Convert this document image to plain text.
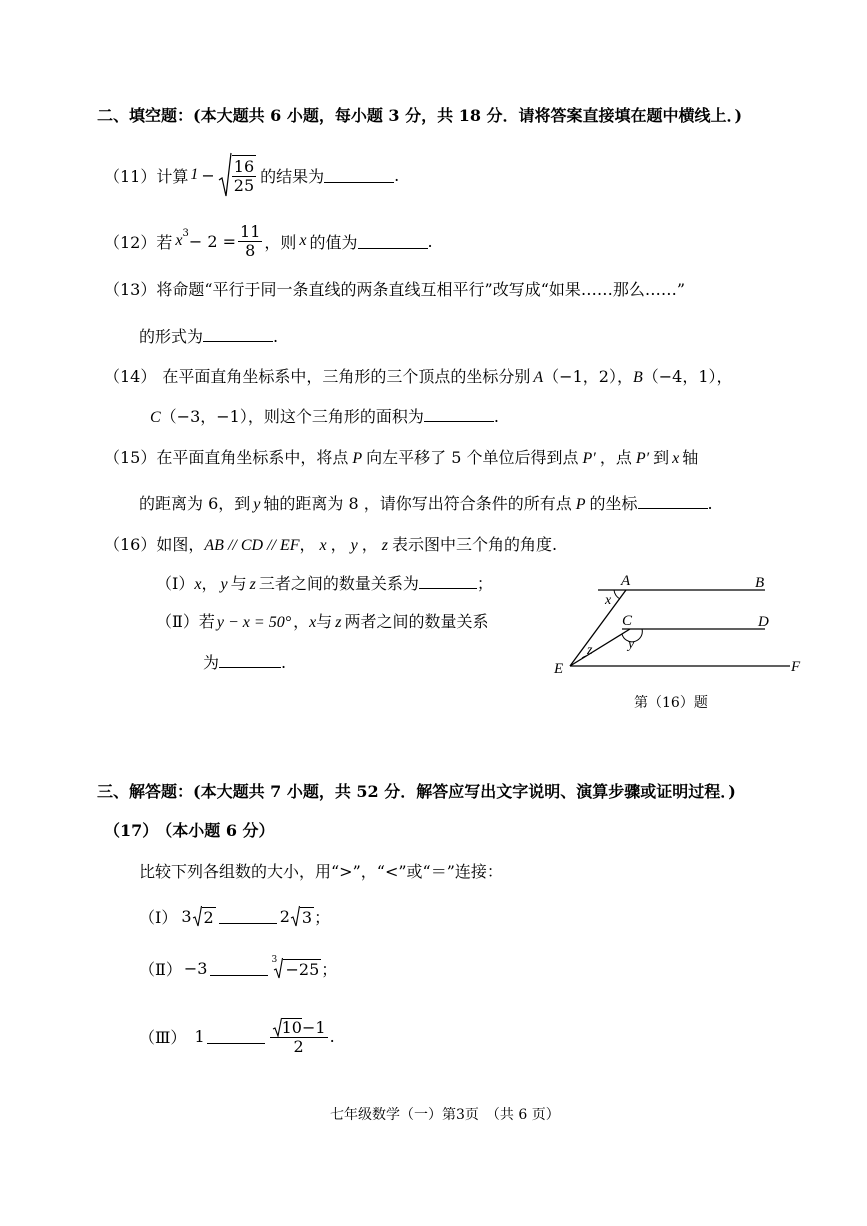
二、填空题：(本大题共 6 小题，每小题 3 分，共 18 分．请将答案直接填在题中横线上．)
（11） 计算 $1 - \frac{16}{25}$ 的结果为	.
（12） 若 $x^3 - 2 = \frac{11}{8}$ ，则 x 的值为	.
（13）将命题“平行于同一条直线的两条直线互相平行”改写成“如果……那么……”
的形式为	.
（14） 在平面直角坐标系中，三角形的三个顶点的坐标分别 A（−1，2），B（−4，1），
C（−3，−1），则这个三角形的面积为	.
（15）在平面直角坐标系中，将点 P 向左平移了 5 个单位后得到点 P′ ，点 P′ 到 x 轴
的距离为 6，到 y 轴的距离为 8 ，请你写出符合条件的所有点 P 的坐标	.
（16）如图，AB // CD // EF， x ， y ， z 表示图中三个角的角度.
（Ⅰ）x， y 与 z 三者之间的数量关系为	；
（Ⅱ）若 y − x = 50° ，x与 z 两者之间的数量关系
为	.
A	B
C	D
E	F
x
y
z
第（16）题
三、解答题：(本大题共 7 小题，共 52 分．解答应写出文字说明、演算步骤或证明过程．)
（17） （本小题 6 分）
比较下列各组数的大小，用“>”，“<”或“＝”连接：
（Ⅰ） 3 2	2 3 ；
（Ⅱ） −3	3 −25 ；
（Ⅲ） 1	$\frac{10 -1}{2}$ .
七年级数学（一）第3页　（共 6 页）
